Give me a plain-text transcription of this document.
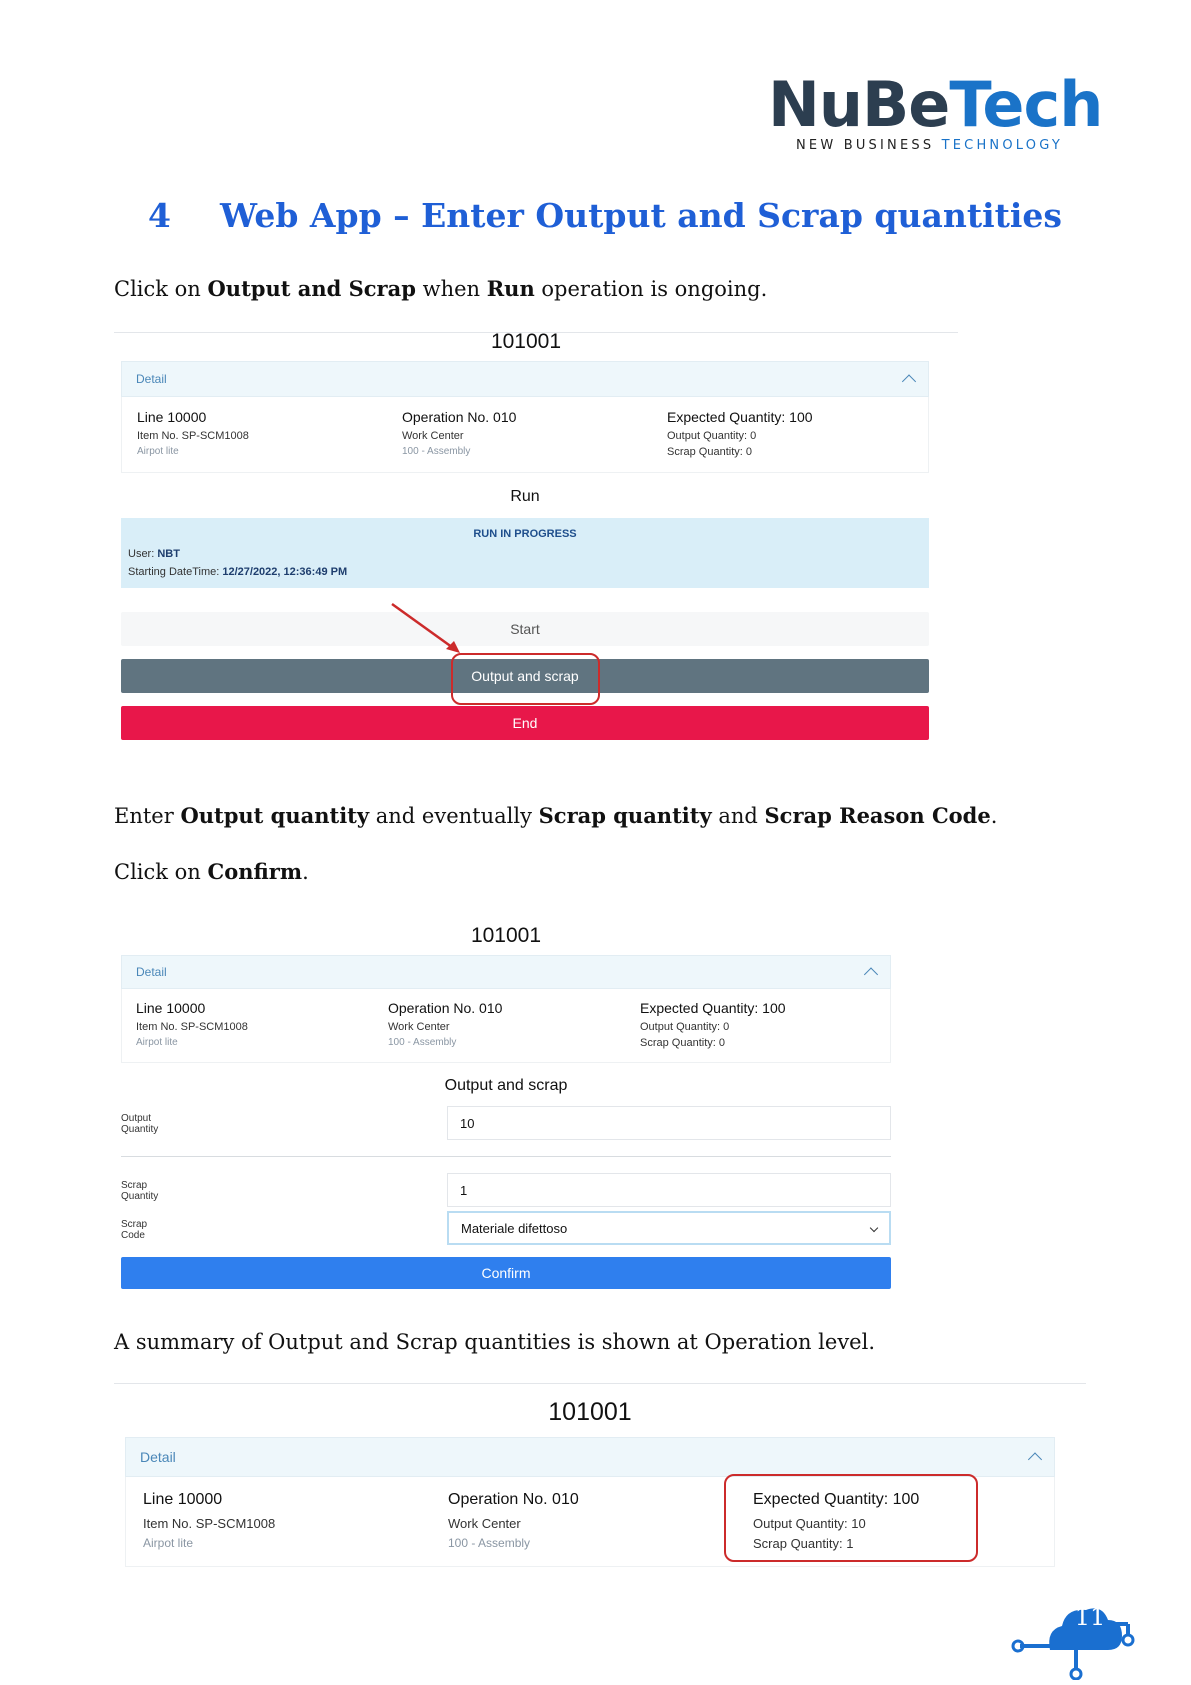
NuBeTech
NEW BUSINESS TECHNOLOGY
4 Web App – Enter Output and Scrap quantities
Click on Output and Scrap when Run operation is ongoing.
101001
Detail
Line 10000
Item No. SP-SCM1008
Airpot lite
Operation No. 010
Work Center
100 - Assembly
Expected Quantity: 100
Output Quantity: 0
Scrap Quantity: 0
Run
RUN IN PROGRESS
User: NBT
Starting DateTime: 12/27/2022, 12:36:49 PM
Start
Output and scrap
End
Enter Output quantity and eventually Scrap quantity and Scrap Reason Code.
Click on Confirm.
101001
Detail
Line 10000
Item No. SP-SCM1008
Airpot lite
Operation No. 010
Work Center
100 - Assembly
Expected Quantity: 100
Output Quantity: 0
Scrap Quantity: 0
Output and scrap
Output Quantity	10
Scrap Quantity	1
Scrap Code	Materiale difettoso
Confirm
A summary of Output and Scrap quantities is shown at Operation level.
101001
Detail
Line 10000
Item No. SP-SCM1008
Airpot lite
Operation No. 010
Work Center
100 - Assembly
Expected Quantity: 100
Output Quantity: 10
Scrap Quantity: 1
11
